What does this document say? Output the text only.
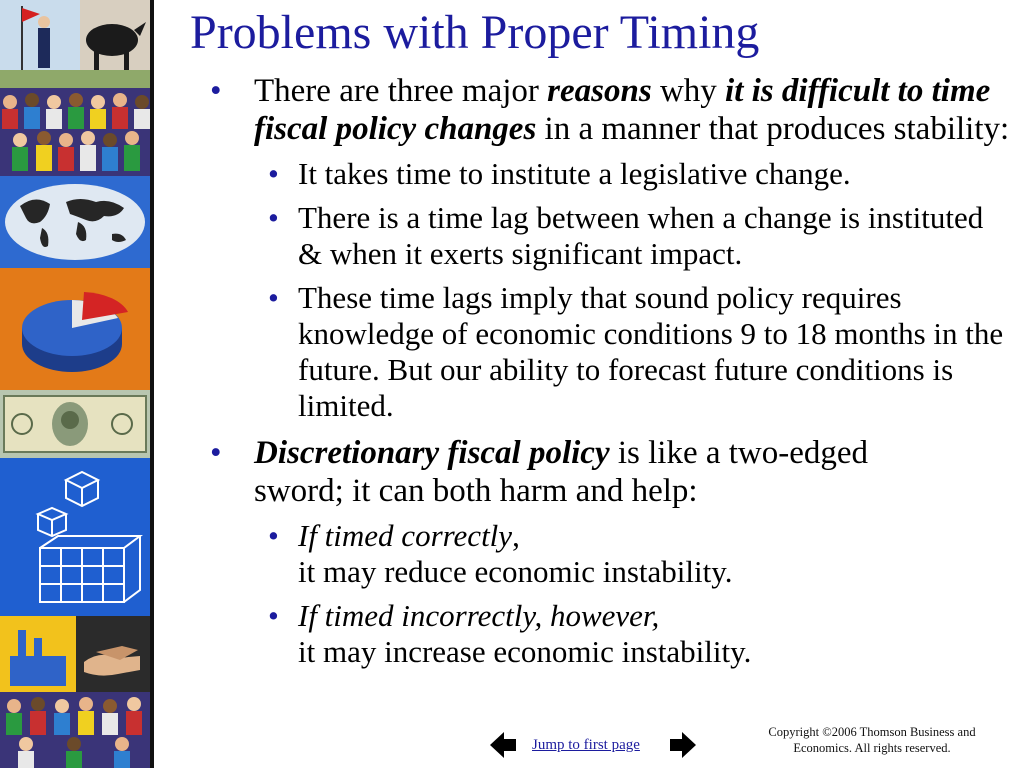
Problems with Proper Timing
• There are three major reasons why it is difficult to time fiscal policy changes in a manner that produces stability:
• It takes time to institute a legislative change.
• There is a time lag between when a change is instituted & when it exerts significant impact.
• These time lags imply that sound policy requires knowledge of economic conditions 9 to 18 months in the future. But our ability to forecast future conditions is limited.
• Discretionary fiscal policy is like a two-edged sword; it can both harm and help:
• If timed correctly,
it may reduce economic instability.
• If timed incorrectly, however,
it may increase economic instability.
Jump to first page
Copyright ©2006 Thomson Business and
Economics. All rights reserved.
